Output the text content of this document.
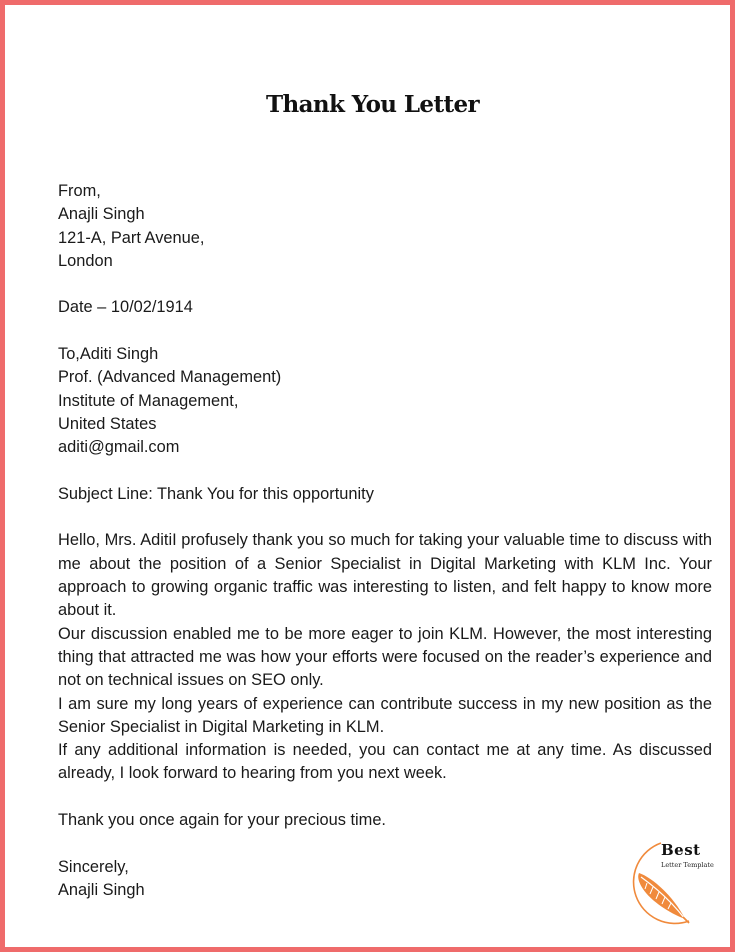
Thank You Letter
From,
Anajli Singh
121-A, Part Avenue,
London
Date – 10/02/1914
To,Aditi Singh
Prof. (Advanced Management)
Institute of Management,
United States
aditi@gmail.com
Subject Line: Thank You for this opportunity
Hello, Mrs. AditiI profusely thank you so much for taking your valuable time to discuss with me about the position of a Senior Specialist in Digital Marketing with KLM Inc. Your approach to growing organic traffic was interesting to listen, and felt happy to know more about it.
Our discussion enabled me to be more eager to join KLM. However, the most interesting thing that attracted me was how your efforts were focused on the reader’s experience and not on technical issues on SEO only.
I am sure my long years of experience can contribute success in my new position as the Senior Specialist in Digital Marketing in KLM.
If any additional information is needed, you can contact me at any time. As discussed already, I look forward to hearing from you next week.
Thank you once again for your precious time.
Sincerely,
Anajli Singh
Best
Letter Template
